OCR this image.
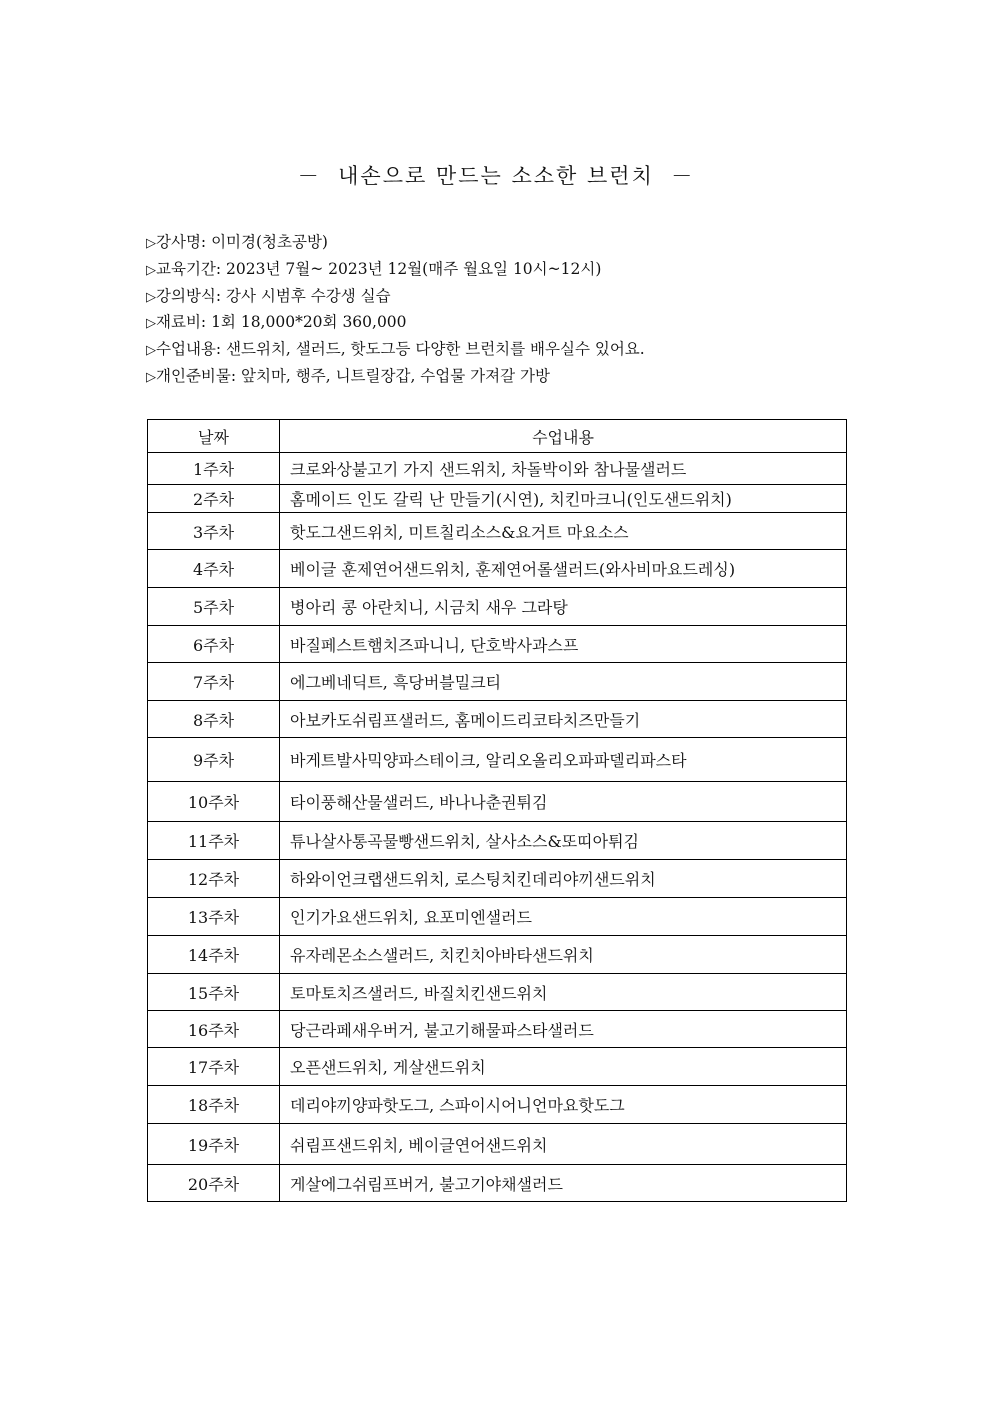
－  내손으로 만드는 소소한 브런치  －
▷강사명: 이미경(청초공방)
▷교육기간: 2023년 7월~ 2023년 12월(매주 월요일 10시~12시)
▷강의방식: 강사 시범후 수강생 실습
▷재료비: 1회 18,000*20회 360,000
▷수업내용: 샌드위치, 샐러드, 핫도그등 다양한 브런치를 배우실수 있어요.
▷개인준비물: 앞치마, 행주, 니트릴장갑, 수업물 가져갈 가방
날짜	수업내용
1주차	크로와상불고기 가지 샌드위치, 차돌박이와 참나물샐러드
2주차	홈메이드 인도 갈릭 난 만들기(시연), 치킨마크니(인도샌드위치)
3주차	핫도그샌드위치, 미트칠리소스&요거트 마요소스
4주차	베이글 훈제연어샌드위치, 훈제연어롤샐러드(와사비마요드레싱)
5주차	병아리 콩 아란치니, 시금치 새우 그라탕
6주차	바질페스트햄치즈파니니, 단호박사과스프
7주차	에그베네딕트, 흑당버블밀크티
8주차	아보카도쉬림프샐러드, 홈메이드리코타치즈만들기
9주차	바게트발사믹양파스테이크, 알리오올리오파파델리파스타
10주차	타이풍해산물샐러드, 바나나춘권튀김
11주차	튜나살사통곡물빵샌드위치, 살사소스&또띠아튀김
12주차	하와이언크랩샌드위치, 로스팅치킨데리야끼샌드위치
13주차	인기가요샌드위치, 요포미엔샐러드
14주차	유자레몬소스샐러드, 치킨치아바타샌드위치
15주차	토마토치즈샐러드, 바질치킨샌드위치
16주차	당근라페새우버거, 불고기해물파스타샐러드
17주차	오픈샌드위치, 게살샌드위치
18주차	데리야끼양파핫도그, 스파이시어니언마요핫도그
19주차	쉬림프샌드위치, 베이글연어샌드위치
20주차	게살에그쉬림프버거, 불고기야채샐러드
